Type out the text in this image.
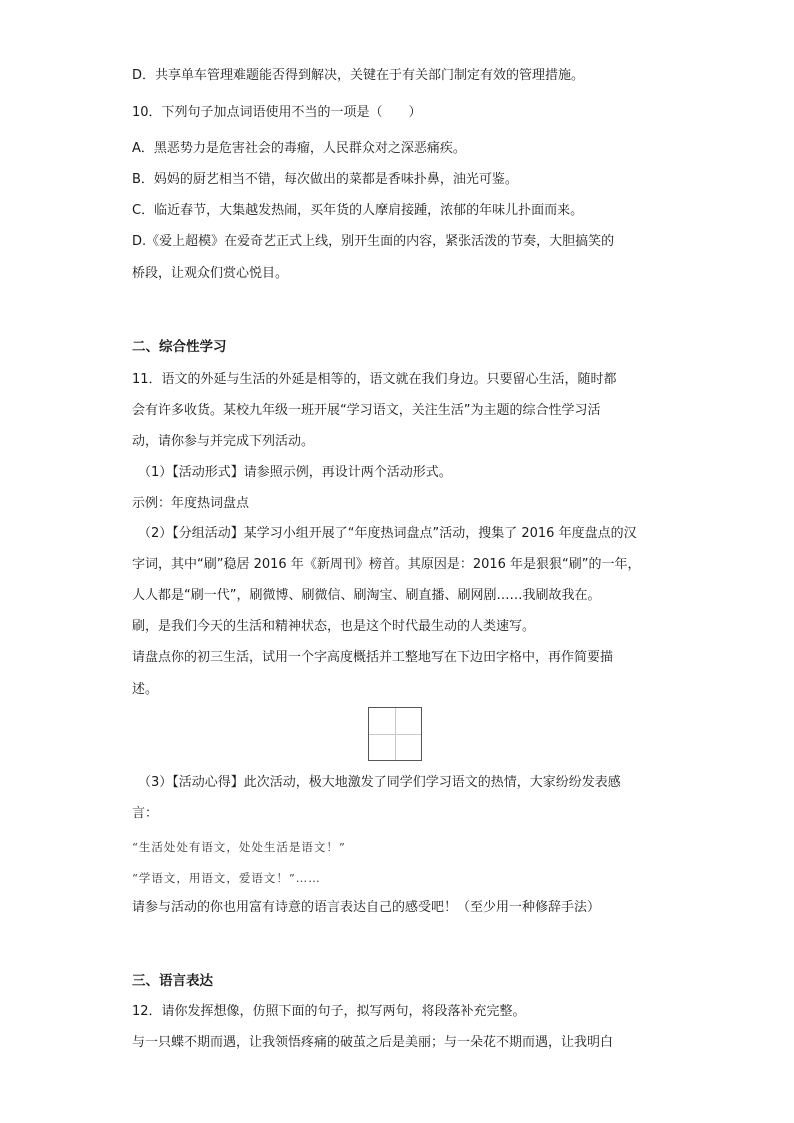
D．共享单车管理难题能否得到解决，关键在于有关部门制定有效的管理措施。
10．下列句子加点词语使用不当的一项是（　　）
A．黑恶势力是危害社会的毒瘤，人民群众对之深恶痛疾。
B．妈妈的厨艺相当不错，每次做出的菜都是香味扑鼻，油光可鉴。
C．临近春节，大集越发热闹，买年货的人摩肩接踵，浓郁的年味儿扑面而来。
D.《爱上超模》在爱奇艺正式上线，别开生面的内容，紧张活泼的节奏，大胆搞笑的
桥段，让观众们赏心悦目。
二、综合性学习
11．语文的外延与生活的外延是相等的，语文就在我们身边。只要留心生活，随时都
会有许多收货。某校九年级一班开展“学习语文，关注生活”为主题的综合性学习活
动，请你参与并完成下列活动。
（1）【活动形式】请参照示例，再设计两个活动形式。
示例：年度热词盘点
（2）【分组活动】某学习小组开展了“年度热词盘点”活动，搜集了 2016 年度盘点的汉
字词，其中“刷”稳居 2016 年《新周刊》榜首。其原因是：2016 年是狠狠“刷”的一年，
人人都是“刷一代”，刷微博、刷微信、刷淘宝、刷直播、刷网剧……我刷故我在。
刷，是我们今天的生活和精神状态，也是这个时代最生动的人类速写。
请盘点你的初三生活，试用一个字高度概括并工整地写在下边田字格中，再作简要描
述。
（3）【活动心得】此次活动，极大地激发了同学们学习语文的热情，大家纷纷发表感
言：
“生活处处有语文，处处生活是语文！”
“学语文，用语文，爱语文！”……
请参与活动的你也用富有诗意的语言表达自己的感受吧！（至少用一种修辞手法）
三、语言表达
12．请你发挥想像，仿照下面的句子，拟写两句，将段落补充完整。
与一只蝶不期而遇，让我领悟疼痛的破茧之后是美丽；与一朵花不期而遇，让我明白
